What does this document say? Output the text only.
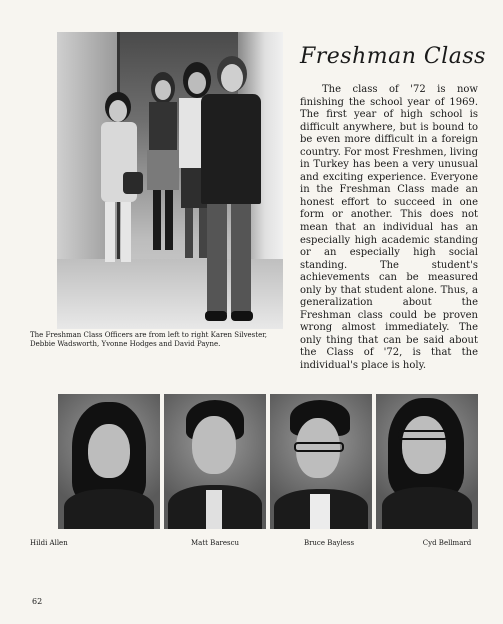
The Freshman Class Officers are from left to right Karen Silvester, Debbie Wadsworth, Yvonne Hodges and David Payne.
Freshman Class
The class of '72 is now finishing the school year of 1969. The first year of high school is difficult anywhere, but is bound to be even more difficult in a foreign country. For most Freshmen, living in Turkey has been a very unusual and exciting experience. Everyone in the Freshman Class made an honest effort to succeed in one form or another. This does not mean that an individual has an especially high academic standing or an especially high social standing. The student's achievements can be measured only by that student alone. Thus, a generalization about the Freshman class could be proven wrong almost immediately. The only thing that can be said about the Class of '72, is that the individual's place is holy.
Hildi Allen	Matt Barescu	Bruce Bayless	Cyd Bellmard
62
